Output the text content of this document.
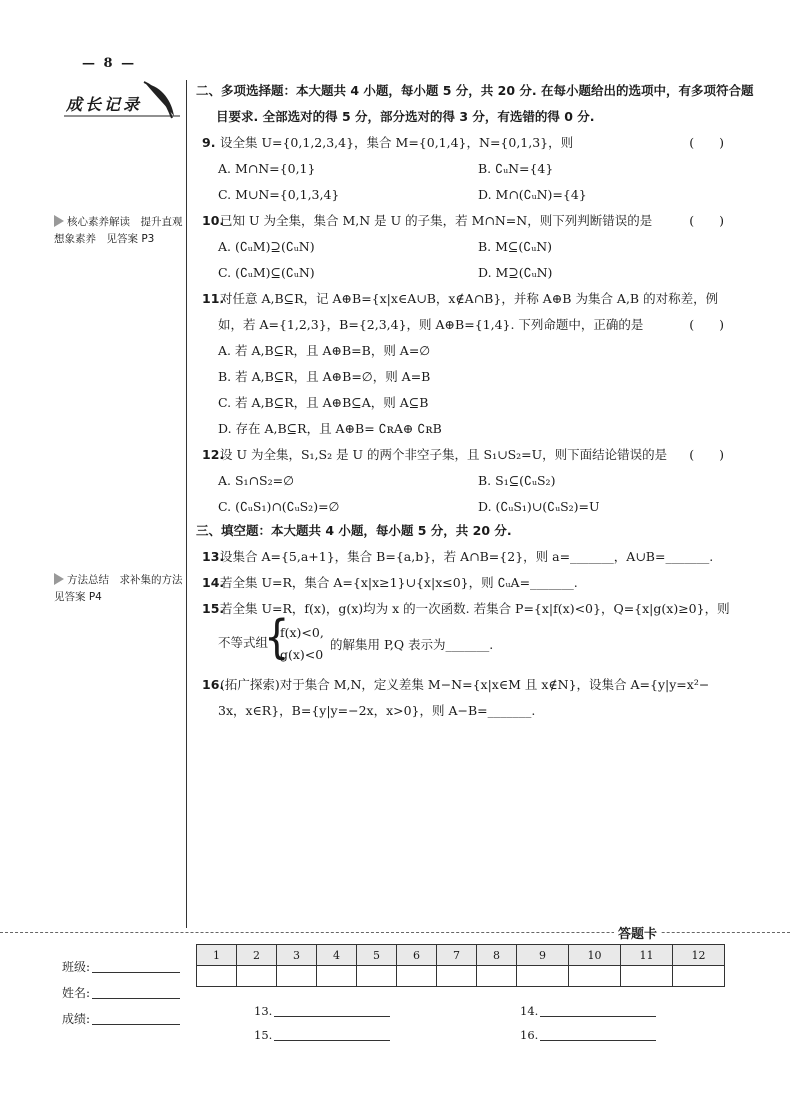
— 8 —
成长记录
核心素养解读　提升直观想象素养　见答案 P3
方法总结　求补集的方法　见答案 P4
二、多项选择题：本大题共 4 小题，每小题 5 分，共 20 分. 在每小题给出的选项中，有多项符合题
目要求. 全部选对的得 5 分，部分选对的得 3 分，有选错的得 0 分.
9. 设全集 U={0,1,2,3,4}，集合 M={0,1,4}，N={0,1,3}，则	(　　)
A. M∩N={0,1}	B. ∁ᵤN={4}
C. M∪N={0,1,3,4}	D. M∩(∁ᵤN)={4}
10.已知 U 为全集，集合 M,N 是 U 的子集，若 M∩N=N，则下列判断错误的是	(　　)
A. (∁ᵤM)⊇(∁ᵤN)	B. M⊆(∁ᵤN)
C. (∁ᵤM)⊆(∁ᵤN)	D. M⊇(∁ᵤN)
11.对任意 A,B⊆R，记 A⊕B={x|x∈A∪B，x∉A∩B}，并称 A⊕B 为集合 A,B 的对称差，例
如，若 A={1,2,3}，B={2,3,4}，则 A⊕B={1,4}. 下列命题中，正确的是	(　　)
A. 若 A,B⊆R，且 A⊕B=B，则 A=∅
B. 若 A,B⊆R，且 A⊕B=∅，则 A=B
C. 若 A,B⊆R，且 A⊕B⊆A，则 A⊆B
D. 存在 A,B⊆R，且 A⊕B= ∁ʀA⊕ ∁ʀB
12.设 U 为全集，S₁,S₂ 是 U 的两个非空子集，且 S₁∪S₂=U，则下面结论错误的是 (　　)
A. S₁∩S₂=∅	B. S₁⊆(∁ᵤS₂)
C. (∁ᵤS₁)∩(∁ᵤS₂)=∅	D. (∁ᵤS₁)∪(∁ᵤS₂)=U
三、填空题：本大题共 4 小题，每小题 5 分，共 20 分.
13.设集合 A={5,a+1}，集合 B={a,b}，若 A∩B={2}，则 a=_______，A∪B=_______.
14.若全集 U=R，集合 A={x|x≥1}∪{x|x≤0}，则 ∁ᵤA=_______.
15.若全集 U=R，f(x)，g(x)均为 x 的一次函数. 若集合 P={x|f(x)<0}，Q={x|g(x)≥0}，则
不等式组
{
f(x)<0,
g(x)<0
的解集用 P,Q 表示为_______.
16.(拓广探索)对于集合 M,N，定义差集 M−N={x|x∈M 且 x∉N}，设集合 A={y|y=x²−
3x，x∈R}，B={y|y=−2x，x>0}，则 A−B=_______.
答题卡
班级:
姓名:
成绩:
1	2	3	4	5	6	7	8	9	10	11	12

13.	14.
15.	16.
